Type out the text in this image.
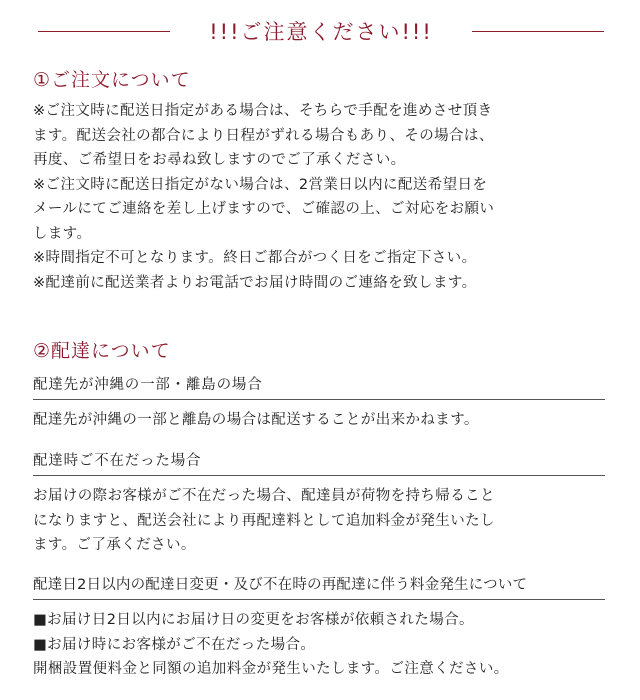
!!!ご注意ください!!!
①ご注文について

※ご注文時に配送日指定がある場合は、そちらで手配を進めさせ頂き

ます。配送会社の都合により日程がずれる場合もあり、その場合は、

再度、ご希望日をお尋ね致しますのでご了承ください。

※ご注文時に配送日指定がない場合は、2営業日以内に配送希望日を

メールにてご連絡を差し上げますので、ご確認の上、ご対応をお願い

します。

※時間指定不可となります。終日ご都合がつく日をご指定下さい。

※配達前に配送業者よりお電話でお届け時間のご連絡を致します。

②配達について
配達先が沖縄の一部・離島の場合

配達先が沖縄の一部と離島の場合は配送することが出来かねます。

配達時ご不在だった場合

お届けの際お客様がご不在だった場合、配達員が荷物を持ち帰ること

になりますと、配送会社により再配達料として追加料金が発生いたし

ます。ご了承ください。

配達日2日以内の配達日変更・及び不在時の再配達に伴う料金発生について

■お届け日2日以内にお届け日の変更をお客様が依頼された場合。

■お届け時にお客様がご不在だった場合。

開梱設置便料金と同額の追加料金が発生いたします。ご注意ください。
